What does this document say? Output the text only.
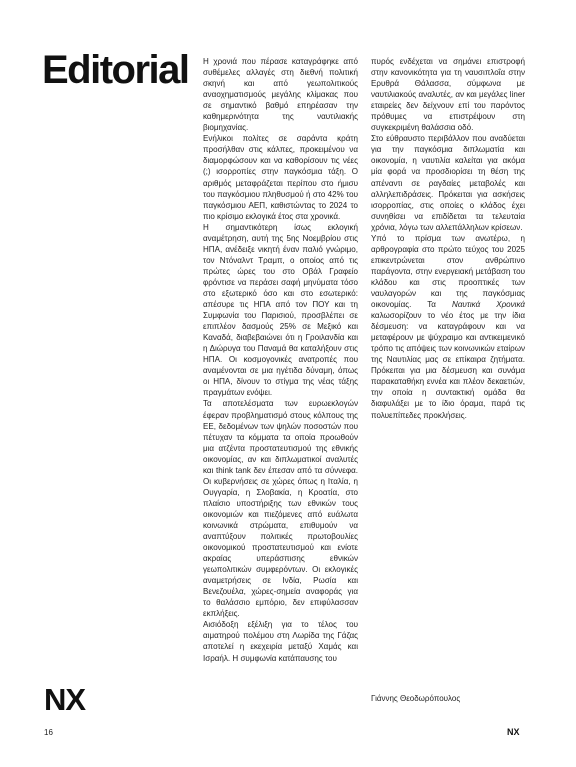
Editorial Η χρονιά που πέρασε καταγράφηκε από συθέμελες αλλαγές στη διεθνή πολιτική σκηνή και από γεωπολιτικούς αναοχηματισμούς μεγάλης κλίμακας που σε σημαντικό βαθμό επηρέασαν την καθημερινότητα της ναυτιλιακής βιομηχανίας.

Ενήλικοι πολίτες σε σαράντα κράτη προσήλθαν στις κάλπες, προκειμένου να διαμορφώσουν και να καθορίσουν τις νέες (;) ισορροπίες στην παγκόσμια τάξη. Ο αριθμός μεταφράζεται περίπου στο ήμισυ του παγκόσμιου πληθυσμού ή στο 42% του παγκόσμιου ΑΕΠ, καθιστώντας το 2024 το πιο κρίσιμο εκλογικά έτος στα χρονικά.

Η σημαντικότερη ίσως εκλογική αναμέτρηση, αυτή της 5ης Νοεμβρίου στις ΗΠΑ, ανέδειξε νικητή έναν παλιό γνώριμο, τον Ντόναλντ Τραμπ, ο οποίος από τις πρώτες ώρες του στο Οβάλ Γραφείο φρόντισε να περάσει σαφή μηνύματα τόσο στο εξωτερικό όσο και στο εσωτερικό: απέσυρε τις ΗΠΑ από τον ΠΟΥ και τη Συμφωνία του Παρισιού, προσβλέπει σε επιπλέον δασμούς 25% σε Μεξικό και Καναδά, διαβεβαιώνει ότι η Γροιλανδία και η Διώρυγα του Παναμά θα καταλήξουν στις ΗΠΑ. Οι κοσμογονικές ανατροπές που αναμένονται σε μια ηγέτιδα δύναμη, όπως οι ΗΠΑ, δίνουν το στίγμα της νέας τάξης πραγμάτων ενόψει.

Τα αποτελέσματα των ευρωεκλογών έφεραν προβληματισμό στους κόλπους της ΕΕ, δεδομένων των ψηλών ποσοστών που πέτυχαν τα κόμματα τα οποία προωθούν μια ατζέντα προστατευτισμού της εθνικής οικονομίας, αν και διπλωματικοί αναλυτές και think tank δεν έπεσαν από τα σύννεφα. Οι κυβερνήσεις σε χώρες όπως η Ιταλία, η Ουγγαρία, η Σλοβακία, η Κροατία, στο πλαίσιο υποστήριξης των εθνικών τους οικονομιών και πιεζόμενες από ευάλωτα κοινωνικά στρώματα, επιθυμούν να αναπτύξουν πολιτικές πρωτοβουλίες οικονομικού προστατευτισμού και ενίοτε ακραίας υπεράσπισης εθνικών γεωπολιτικών συμφερόντων. Οι εκλογικές αναμετρήσεις σε Ινδία, Ρωσία και Βενεζουέλα, χώρες-σημεία αναφοράς για το θαλάσσιο εμπόριο, δεν επιφύλασσαν εκπλήξεις.

Αισιόδοξη εξέλιξη για το τέλος του αιματηρού πολέμου στη Λωρίδα της Γάζας αποτελεί η εκεχειρία μεταξύ Χαμάς και Ισραήλ. Η συμφωνία κατάπαυσης του

πυρός ενδέχεται να σημάνει επιστροφή στην κανονικότητα για τη ναυσιπλοΐα στην Ερυθρά Θάλασσα, σύμφωνα με ναυτιλιακούς αναλυτές, αν και μεγάλες liner εταιρείες δεν δείχνουν επί του παρόντος πρόθυμες να επιστρέψουν στη συγκεκριμένη θαλάσσια οδό.

Στο εύθραυστο περιβάλλον που αναδύεται για την παγκόσμια διπλωματία και οικονομία, η ναυτιλία καλείται για ακόμα μία φορά να προσδιορίσει τη θέση της απέναντι σε ραγδαίες μεταβολές και αλληλεπιδράσεις. Πρόκειται για ασκήσεις ισορροπίας, στις οποίες ο κλάδος έχει συνηθίσει να επιδίδεται τα τελευταία χρόνια, λόγω των αλλεπάλληλων κρίσεων.

Υπό το πρίσμα των ανωτέρω, η αρθρογραφία στο πρώτο τεύχος του 2025 επικεντρώνεται στον ανθρώπινο παράγοντα, στην ενεργειακή μετάβαση του κλάδου και στις προοπτικές των ναυλαγορών και της παγκόσμιας οικονομίας. Τα Ναυτικά Χρονικά καλωσορίζουν το νέο έτος με την ίδια δέσμευση: να καταγράφουν και να μεταφέρουν με ψύχραιμο και αντικειμενικό τρόπο τις απόψεις των κοινωνικών εταίρων της Ναυτιλίας μας σε επίκαιρα ζητήματα. Πρόκειται για μια δέσμευση και συνάμα παρακαταθήκη εννέα και πλέον δεκαετιών, την οποία η συντακτική ομάδα θα διαφυλάξει με το ίδιο όραμα, παρά τις πολυεπίπεδες προκλήσεις.

Γιάννης Θεοδωρόπουλος

NX
16	NX
